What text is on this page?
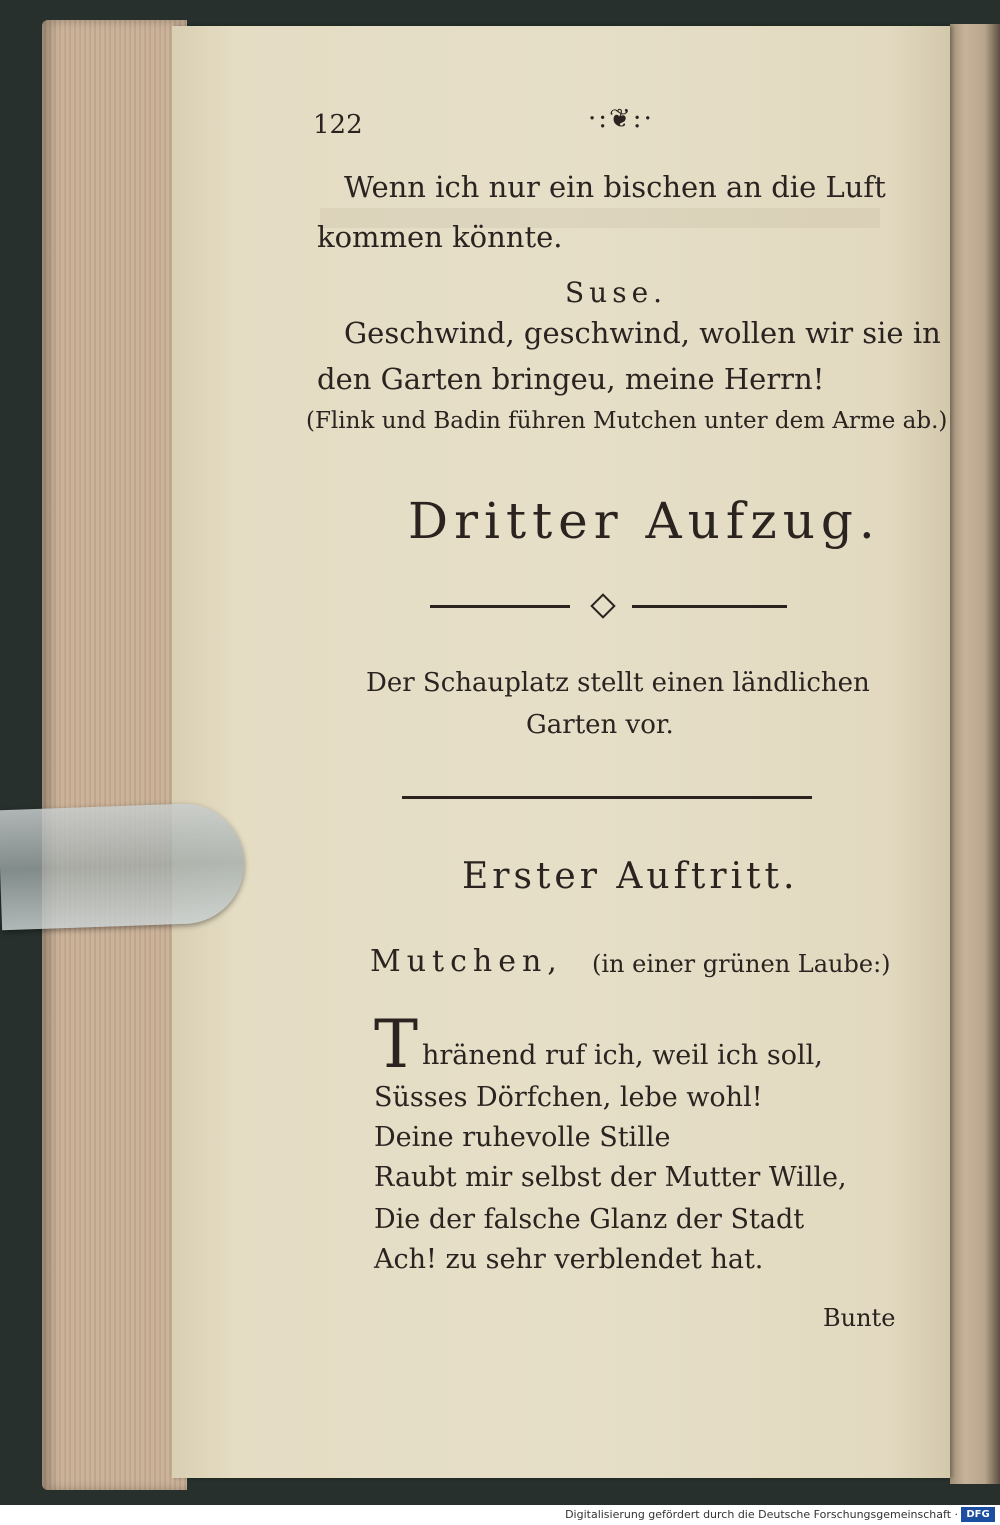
122	·:❦:·
Wenn ich nur ein bischen an die Luft
kommen könnte.
Suse.
Geschwind, geschwind, wollen wir sie in
den Garten bringeu, meine Herrn!
(Flink und Badin führen Mutchen unter dem Arme ab.)
Dritter Aufzug.
Der Schauplatz stellt einen ländlichen
Garten vor.
Erster Auftritt.
Mutchen, (in einer grünen Laube:)
T hränend ruf ich, weil ich soll,
Süsses Dörfchen, lebe wohl!
Deine ruhevolle Stille
Raubt mir selbst der Mutter Wille,
Die der falsche Glanz der Stadt
Ach! zu sehr verblendet hat.
Bunte
Digitalisierung gefördert durch die Deutsche Forschungsgemeinschaft · DFG
